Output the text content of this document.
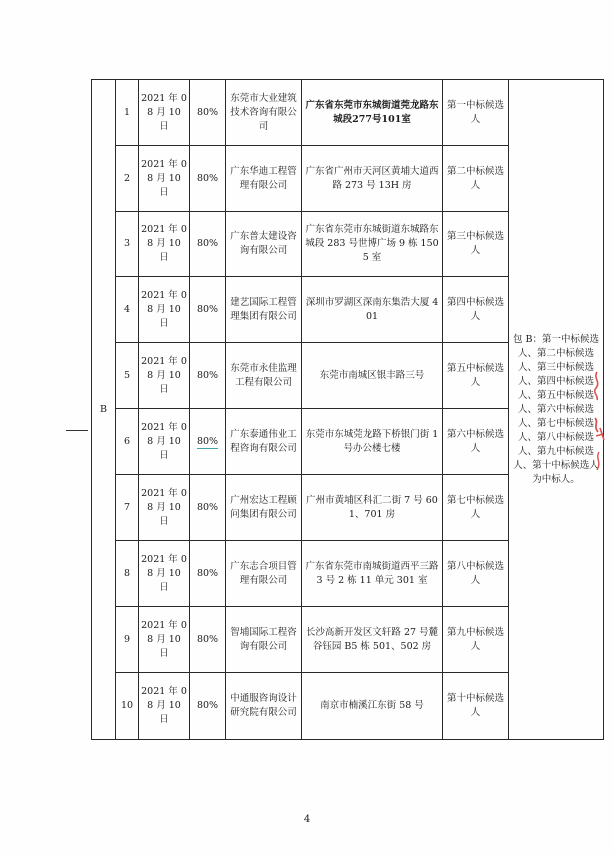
B	1	2021 年 08 月 10 日	80%	东莞市大业建筑技术咨询有限公司	广东省东莞市东城街道莞龙路东城段277号101室	第一中标候选人	包 B：第一中标候选人、第二中标候选人、第三中标候选人、第四中标候选人、第五中标候选人、第六中标候选人、第七中标候选人、第八中标候选人、第九中标候选人、第十中标候选人为中标人。
	2	2021 年 08 月 10 日	80%	广东华迪工程管理有限公司	广东省广州市天河区黄埔大道西路 273 号 13H 房	第二中标候选人	
	3	2021 年 08 月 10 日	80%	广东普太建设咨询有限公司	广东省东莞市东城街道东城路东城段 283 号世博广场 9 栋 1505 室	第三中标候选人	
	4	2021 年 08 月 10 日	80%	建艺国际工程管理集团有限公司	深圳市罗湖区深南东集浩大厦 401	第四中标候选人	
	5	2021 年 08 月 10 日	80%	东莞市永佳监理工程有限公司	东莞市南城区银丰路三号	第五中标候选人	
	6	2021 年 08 月 10 日	80%	广东泰通伟业工程咨询有限公司	东莞市东城莞龙路下桥银门街 1 号办公楼七楼	第六中标候选人	
	7	2021 年 08 月 10 日	80%	广州宏达工程顾问集团有限公司	广州市黄埔区科汇二街 7 号 601、701 房	第七中标候选人	
	8	2021 年 08 月 10 日	80%	广东志合项目管理有限公司	广东省东莞市南城街道西平三路 3 号 2 栋 11 单元 301 室	第八中标候选人	
	9	2021 年 08 月 10 日	80%	智埔国际工程咨询有限公司	长沙高新开发区文轩路 27 号麓谷钰园 B5 栋 501、502 房	第九中标候选人	
	10	2021 年 08 月 10 日	80%	中通服咨询设计研究院有限公司	南京市楠溪江东街 58 号	第十中标候选人	
4
